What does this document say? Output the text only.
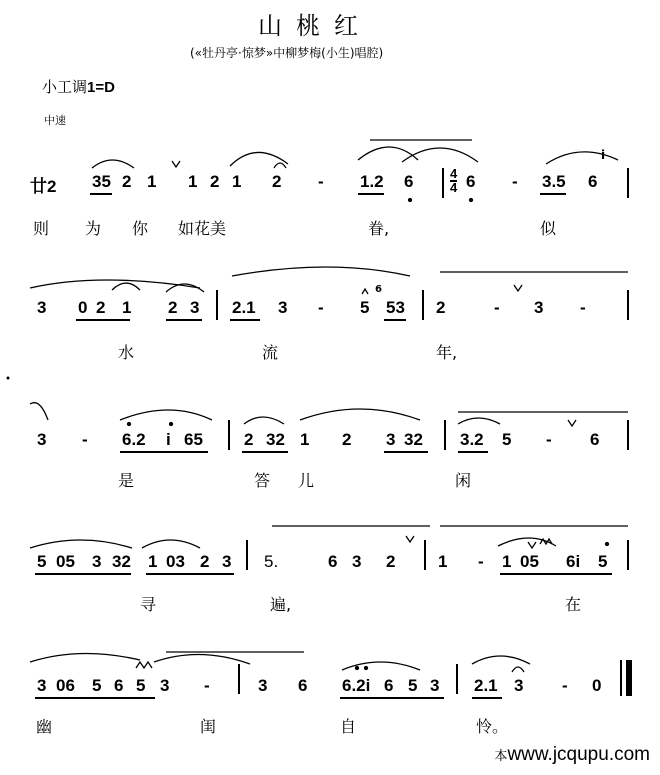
山桃红
(«牡丹亭·惊梦»中柳梦梅(小生)唱腔)
小工调1=D
中速
廿2 35 2 1 1 2 1 2 - 1.2 6	$\frac{4}{4} 6 - 3.5$ 6
i
则 为 你 如花美	眷,	似
3 0 2 1 2 3 2.1 3 - 5
6
53 2	- 3 -
水	流	年,
3 - 6.2 i 65 2 32 1 2 3 32 3.2 5 - 6
是	答 儿	闲
5 05 3 32 1 03 2 3 5.	6 3 2	1 - 1 05 6i 5
寻	遍,	在
3 06 5 6 5 3 -	3 6 6.2i 6 5 3 2.1 3 - 0
幽	闺	自	怜。
本www.jcqupu.com
